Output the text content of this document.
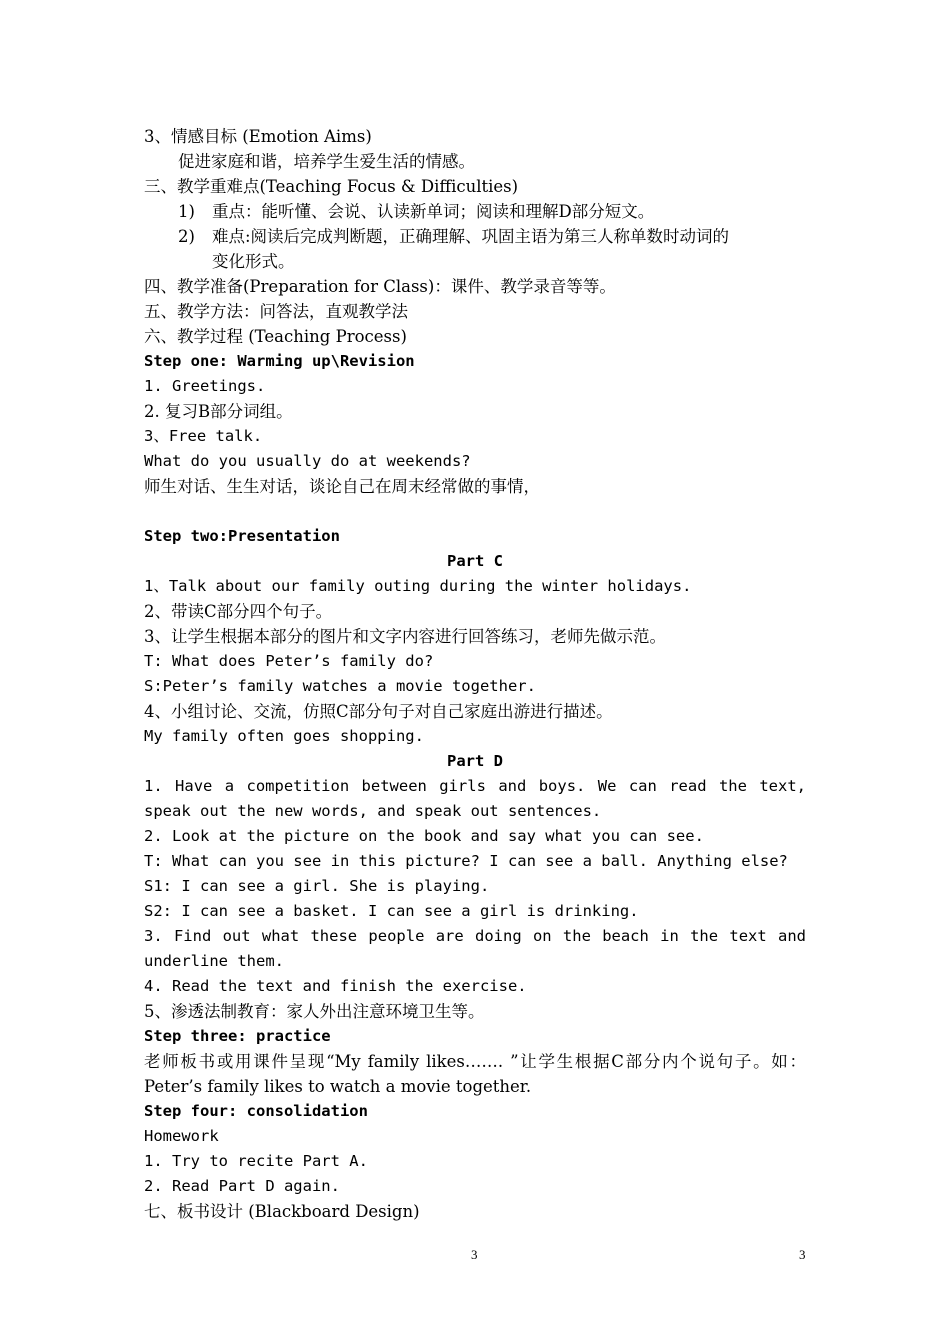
3、情感目标 (Emotion Aims)
促进家庭和谐，培养学生爱生活的情感。
三、教学重难点(Teaching Focus & Difficulties)
1)	重点：能听懂、会说、认读新单词；阅读和理解D部分短文。
2)	难点:阅读后完成判断题，正确理解、巩固主语为第三人称单数时动词的
变化形式。
四、教学准备(Preparation for Class)：课件、教学录音等等。
五、教学方法：问答法，直观教学法
六、教学过程 (Teaching Process)
Step one: Warming up\Revision
1. Greetings.
2. 复习B部分词组。
3、Free talk.
What do you usually do at weekends?
师生对话、生生对话，谈论自己在周末经常做的事情，
Step two:Presentation
Part C
1、Talk about our family outing during the winter holidays.
2、带读C部分四个句子。
3、让学生根据本部分的图片和文字内容进行回答练习，老师先做示范。
T: What does Peter’s family do?
S:Peter’s family watches a movie together.
4、小组讨论、交流，仿照C部分句子对自己家庭出游进行描述。
My family often goes shopping.
Part D
1. Have a competition between girls and boys. We can read the text, speak out the new words, and speak out sentences.
2. Look at the picture on the book and say what you can see.
T: What can you see in this picture? I can see a ball. Anything else?
S1: I can see a girl. She is playing.
S2: I can see a basket. I can see a girl is drinking.
3. Find out what these people are doing on the beach in the text and underline them.
4. Read the text and finish the exercise.
5、渗透法制教育：家人外出注意环境卫生等。
Step three: practice
老师板书或用课件呈现“My family likes……. ”让学生根据C部分内个说句子。如：Peter’s family likes to watch a movie together.
Step four: consolidation
Homework
1. Try to recite Part A.
2. Read Part D again.
七、板书设计 (Blackboard Design)
3	3
